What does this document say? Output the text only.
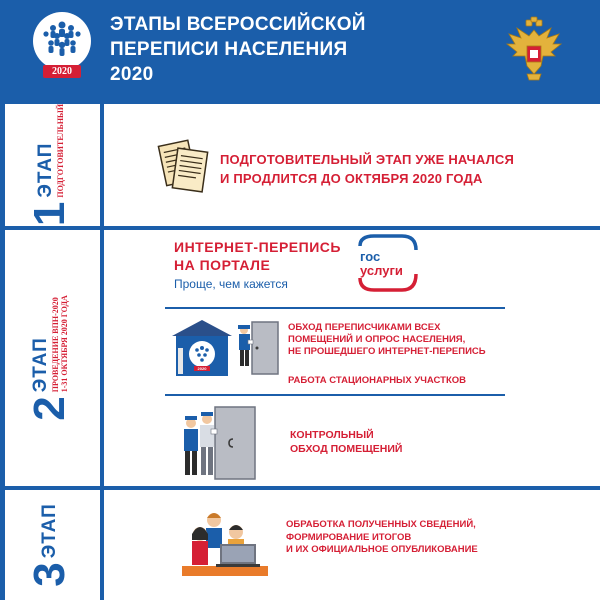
2020
ЭТАПЫ ВСЕРОССИЙСКОЙ
ПЕРЕПИСИ НАСЕЛЕНИЯ
2020
1
ЭТАП ПОДГОТОВИТЕЛЬНЫЙ	ПОДГОТОВИТЕЛЬНЫЙ ЭТАП УЖЕ НАЧАЛСЯ
И ПРОДЛИТСЯ ДО ОКТЯБРЯ 2020 ГОДА
2
ЭТАП ПРОВЕДЕНИЕ ВПН-2020 1-31 ОКТЯБРЯ 2020 ГОДА
ИНТЕРНЕТ-ПЕРЕПИСЬ
НА ПОРТАЛЕ
Проще, чем кажется
гос
услуги
2020
ОБХОД ПЕРЕПИСЧИКАМИ ВСЕХ
ПОМЕЩЕНИЙ И ОПРОС НАСЕЛЕНИЯ,
НЕ ПРОШЕДШЕГО ИНТЕРНЕТ-ПЕРЕПИСЬ
РАБОТА СТАЦИОНАРНЫХ УЧАСТКОВ
КОНТРОЛЬНЫЙ
ОБХОД ПОМЕЩЕНИЙ
3
ЭТАП	ОБРАБОТКА ПОЛУЧЕННЫХ СВЕДЕНИЙ,
ФОРМИРОВАНИЕ ИТОГОВ
И ИХ ОФИЦИАЛЬНОЕ ОПУБЛИКОВАНИЕ
